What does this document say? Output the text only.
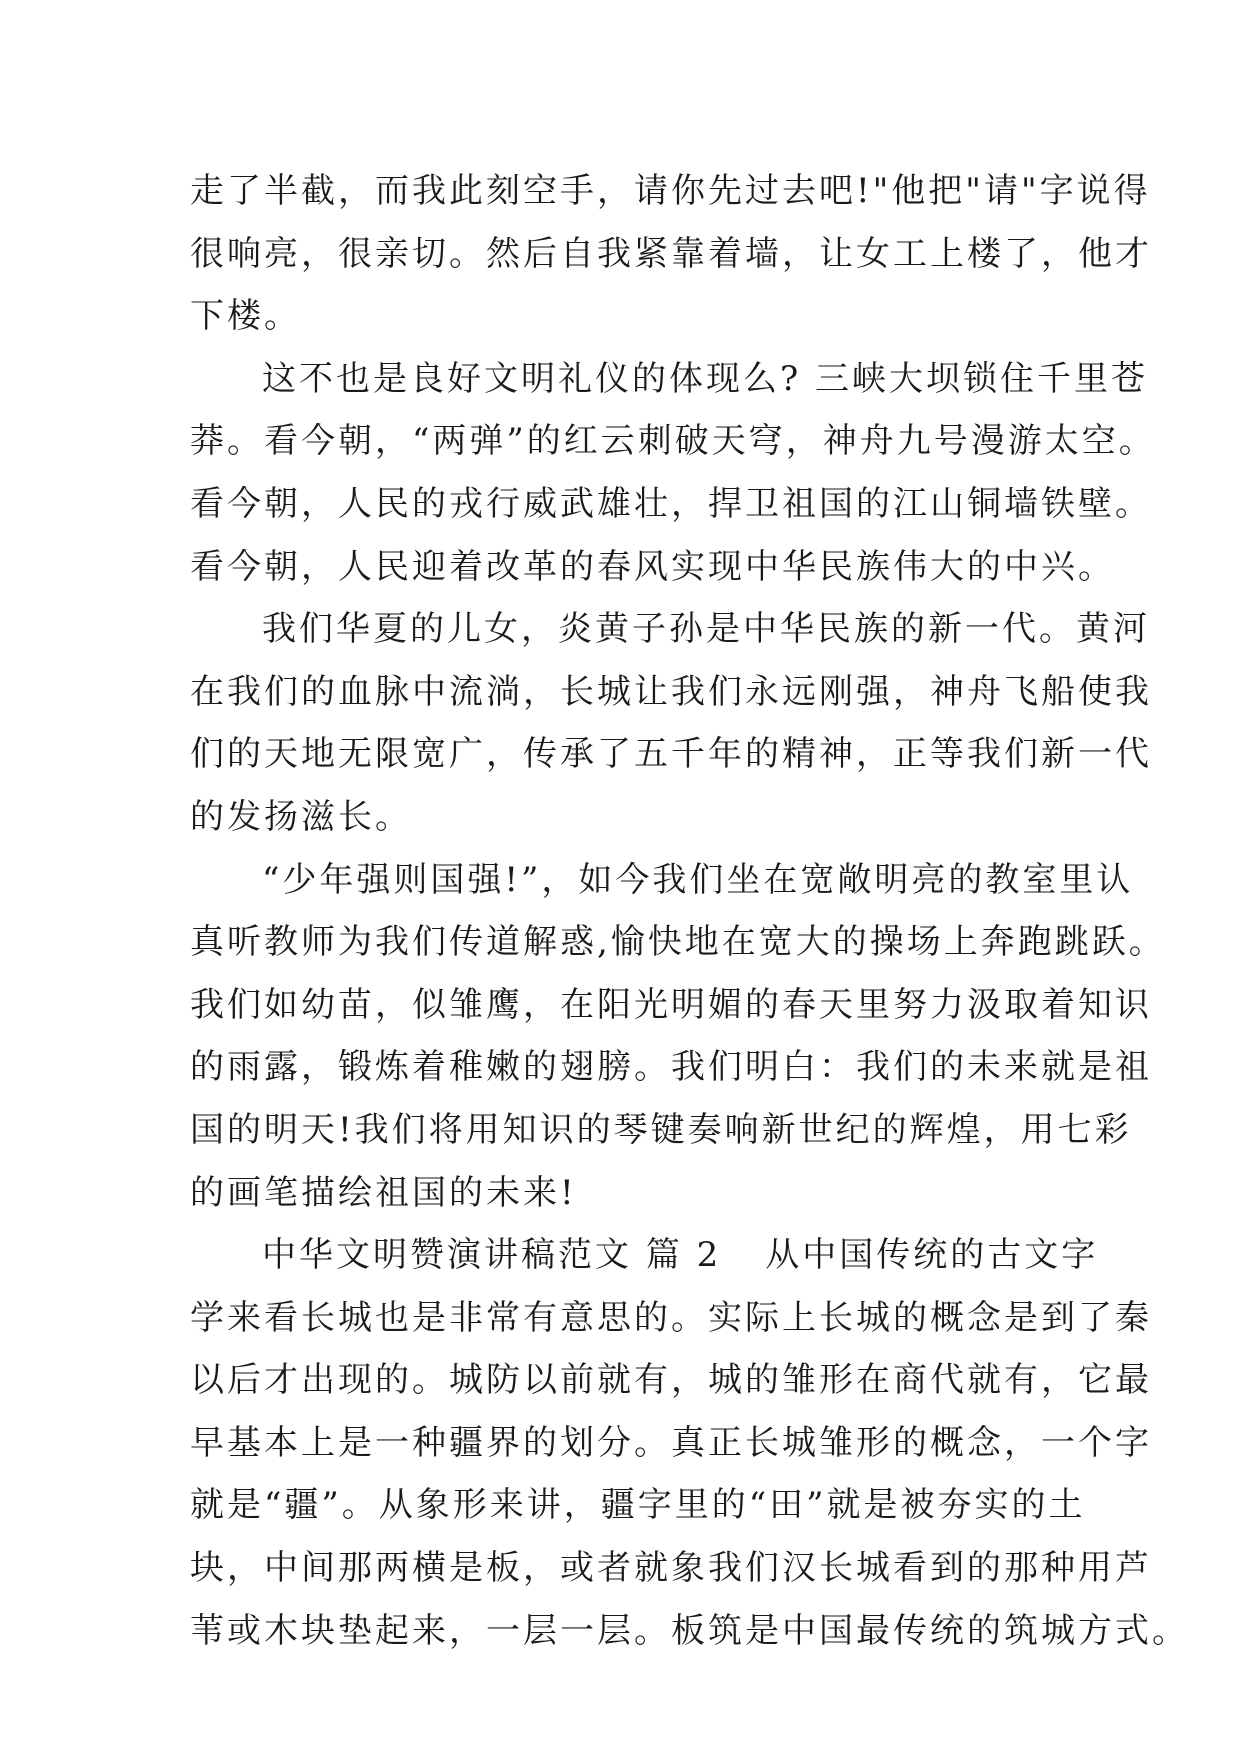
走了半截，而我此刻空手，请你先过去吧!"他把"请"字说得
很响亮，很亲切。然后自我紧靠着墙，让女工上楼了，他才
下楼。
这不也是良好文明礼仪的体现么? 三峡大坝锁住千里苍
莽。看今朝，“两弹”的红云刺破天穹，神舟九号漫游太空。
看今朝，人民的戎行威武雄壮，捍卫祖国的江山铜墙铁壁。
看今朝，人民迎着改革的春风实现中华民族伟大的中兴。
我们华夏的儿女，炎黄子孙是中华民族的新一代。黄河
在我们的血脉中流淌，长城让我们永远刚强，神舟飞船使我
们的天地无限宽广，传承了五千年的精神，正等我们新一代
的发扬滋长。
“少年强则国强!”，如今我们坐在宽敞明亮的教室里认
真听教师为我们传道解惑,愉快地在宽大的操场上奔跑跳跃。
我们如幼苗，似雏鹰，在阳光明媚的春天里努力汲取着知识
的雨露，锻炼着稚嫩的翅膀。我们明白：我们的未来就是祖
国的明天!我们将用知识的琴键奏响新世纪的辉煌，用七彩
的画笔描绘祖国的未来!
中华文明赞演讲稿范文 篇 2 从中国传统的古文字
学来看长城也是非常有意思的。实际上长城的概念是到了秦
以后才出现的。城防以前就有，城的雏形在商代就有，它最
早基本上是一种疆界的划分。真正长城雏形的概念，一个字
就是“疆”。从象形来讲，疆字里的“田”就是被夯实的土
块，中间那两横是板，或者就象我们汉长城看到的那种用芦
苇或木块垫起来，一层一层。板筑是中国最传统的筑城方式。
